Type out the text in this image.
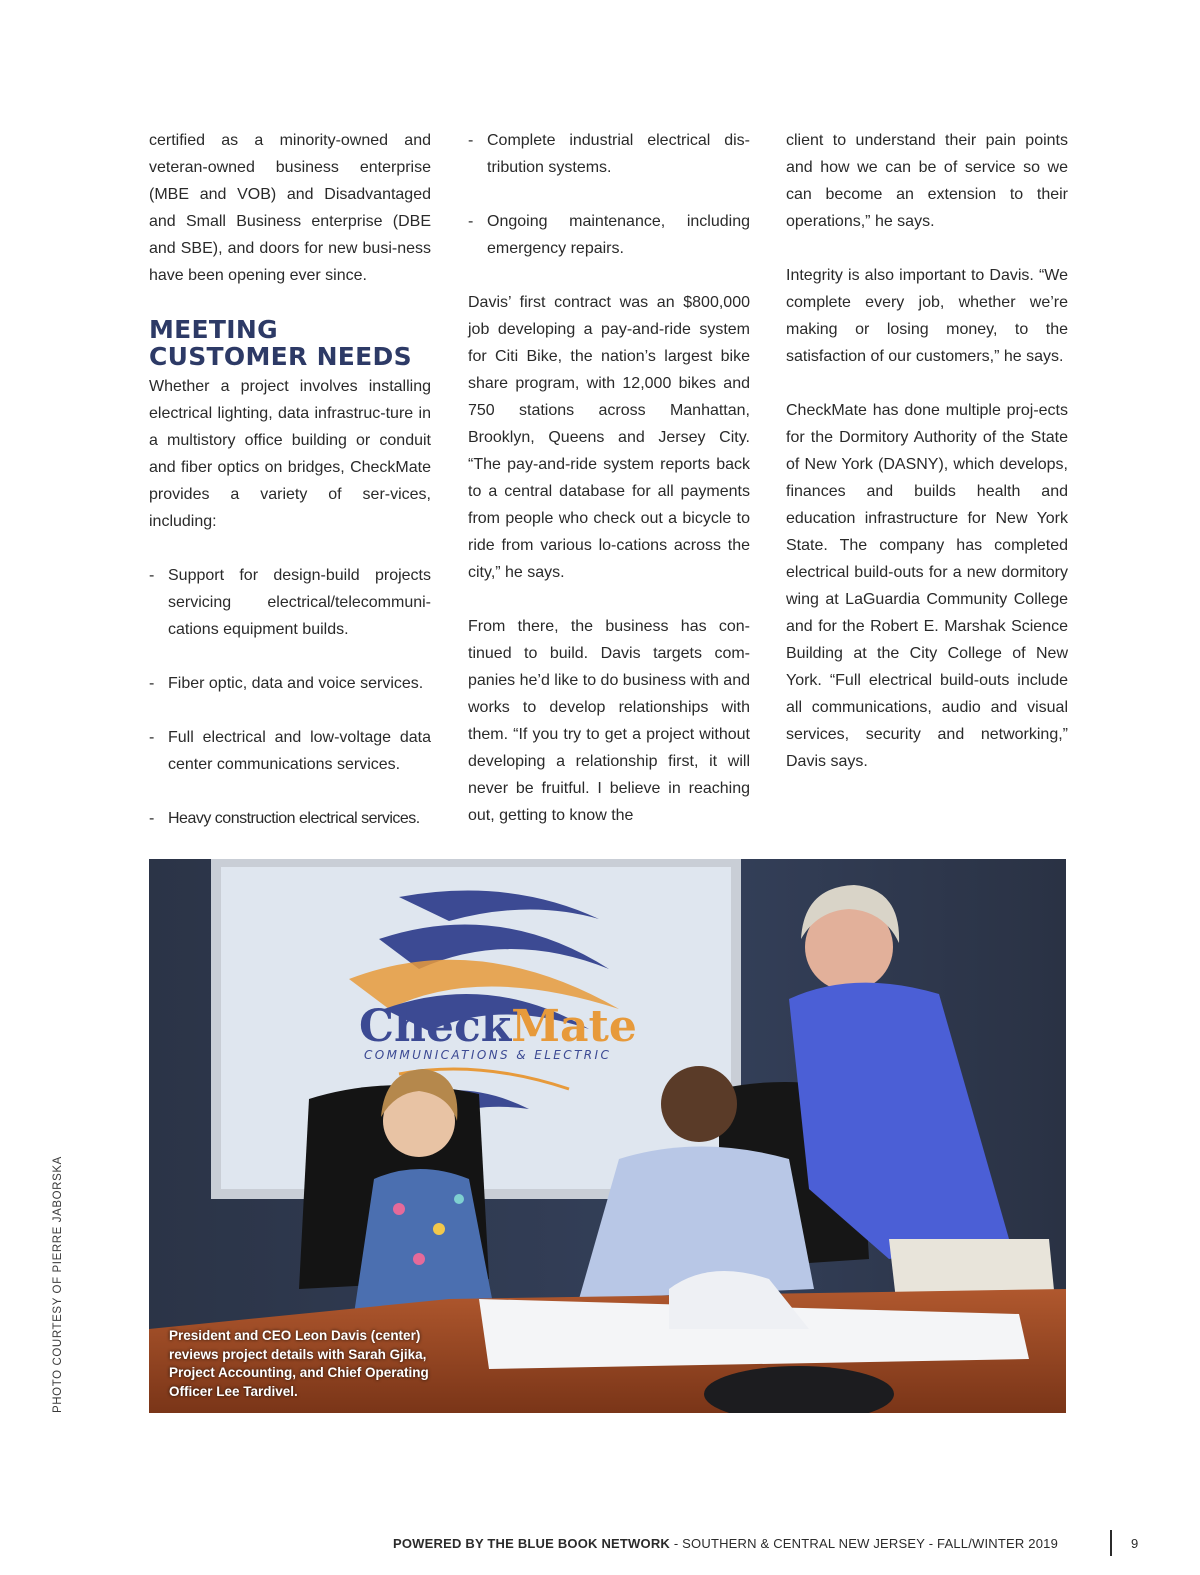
certified as a minority-owned and veteran-owned business enterprise (MBE and VOB) and Disadvantaged and Small Business enterprise (DBE and SBE), and doors for new busi-ness have been opening ever since.

MEETING
CUSTOMER NEEDS

Whether a project involves installing electrical lighting, data infrastruc-ture in a multistory office building or conduit and fiber optics on bridges, CheckMate provides a variety of ser-vices, including:

- Support for design-build projects servicing electrical/telecommuni-cations equipment builds.
- Fiber optic, data and voice services.
- Full electrical and low-voltage data center communications services.
- Heavy construction electrical services.
- Complete industrial electrical dis-tribution systems.
- Ongoing maintenance, including emergency repairs.

Davis’ first contract was an $800,000 job developing a pay-and-ride system for Citi Bike, the nation’s largest bike share program, with 12,000 bikes and 750 stations across Manhattan, Brooklyn, Queens and Jersey City. “The pay-and-ride system reports back to a central database for all payments from people who check out a bicycle to ride from various lo-cations across the city,” he says.

From there, the business has con-tinued to build. Davis targets com-panies he’d like to do business with and works to develop relationships with them. “If you try to get a project without developing a relationship first, it will never be fruitful. I believe in reaching out, getting to know the

client to understand their pain points and how we can be of service so we can become an extension to their operations,” he says.

Integrity is also important to Davis. “We complete every job, whether we’re making or losing money, to the satisfaction of our customers,” he says.

CheckMate has done multiple proj-ects for the Dormitory Authority of the State of New York (DASNY), which develops, finances and builds health and education infrastructure for New York State. The company has completed electrical build-outs for a new dormitory wing at LaGuardia Community College and for the Robert E. Marshak Science Building at the City College of New York. “Full electrical build-outs include all communications, audio and visual services, security and networking,” Davis says.

CheckMate
COMMUNICATIONS & ELECTRIC
President and CEO Leon Davis (center) reviews project details with Sarah Gjika, Project Accounting, and Chief Operating Officer Lee Tardivel.
PHOTO COURTESY OF PIERRE JABORSKA
POWERED BY THE BLUE BOOK NETWORK - SOUTHERN & CENTRAL NEW JERSEY - FALL/WINTER 2019	9
